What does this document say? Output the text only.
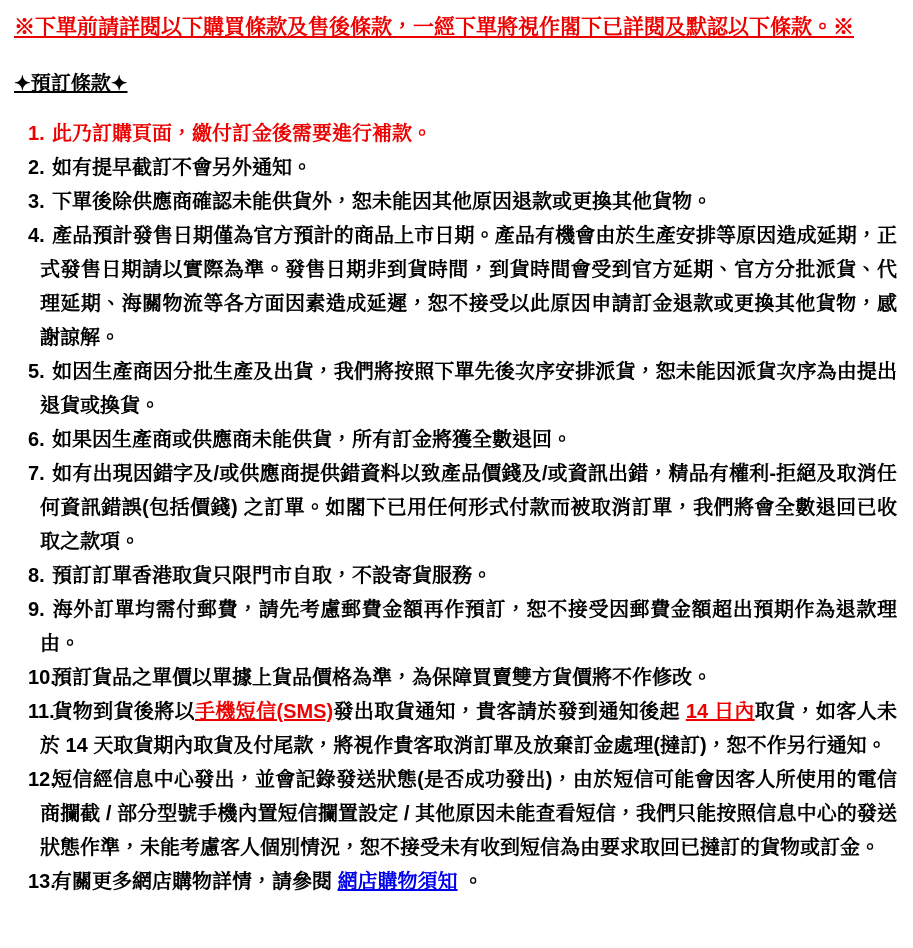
※下單前請詳閱以下購買條款及售後條款，一經下單將視作閣下已詳閱及默認以下條款。※
✦預訂條款✦
1. 此乃訂購頁面，繳付訂金後需要進行補款。
2. 如有提早截訂不會另外通知。
3. 下單後除供應商確認未能供貨外，恕未能因其他原因退款或更換其他貨物。
4. 產品預計發售日期僅為官方預計的商品上市日期。產品有機會由於生產安排等原因造成延期，正式發售日期請以實際為準。發售日期非到貨時間，到貨時間會受到官方延期、官方分批派貨、代理延期、海關物流等各方面因素造成延遲，恕不接受以此原因申請訂金退款或更換其他貨物，感謝諒解。
5. 如因生產商因分批生產及出貨，我們將按照下單先後次序安排派貨，恕未能因派貨次序為由提出退貨或換貨。
6. 如果因生產商或供應商未能供貨，所有訂金將獲全數退回。
7. 如有出現因錯字及/或供應商提供錯資料以致產品價錢及/或資訊出錯，精品有權利-拒絕及取消任何資訊錯誤(包括價錢) 之訂單。如閣下已用任何形式付款而被取消訂單，我們將會全數退回已收取之款項。
8. 預訂訂單香港取貨只限門市自取，不設寄貨服務。
9. 海外訂單均需付郵費，請先考慮郵費金額再作預訂，恕不接受因郵費金額超出預期作為退款理由。
10.預訂貨品之單價以單據上貨品價格為準，為保障買賣雙方貨價將不作修改。
11.貨物到貨後將以手機短信(SMS)發出取貨通知，貴客請於發到通知後起 14 日內取貨，如客人未於 14 天取貨期內取貨及付尾款，將視作貴客取消訂單及放棄訂金處理(撻訂)，恕不作另行通知。
12.短信經信息中心發出，並會記錄發送狀態(是否成功發出)，由於短信可能會因客人所使用的電信商攔截 / 部分型號手機內置短信攔置設定 / 其他原因未能查看短信，我們只能按照信息中心的發送狀態作準，未能考慮客人個別情況，恕不接受未有收到短信為由要求取回已撻訂的貨物或訂金。
13.有關更多網店購物詳情，請參閱 網店購物須知 。
